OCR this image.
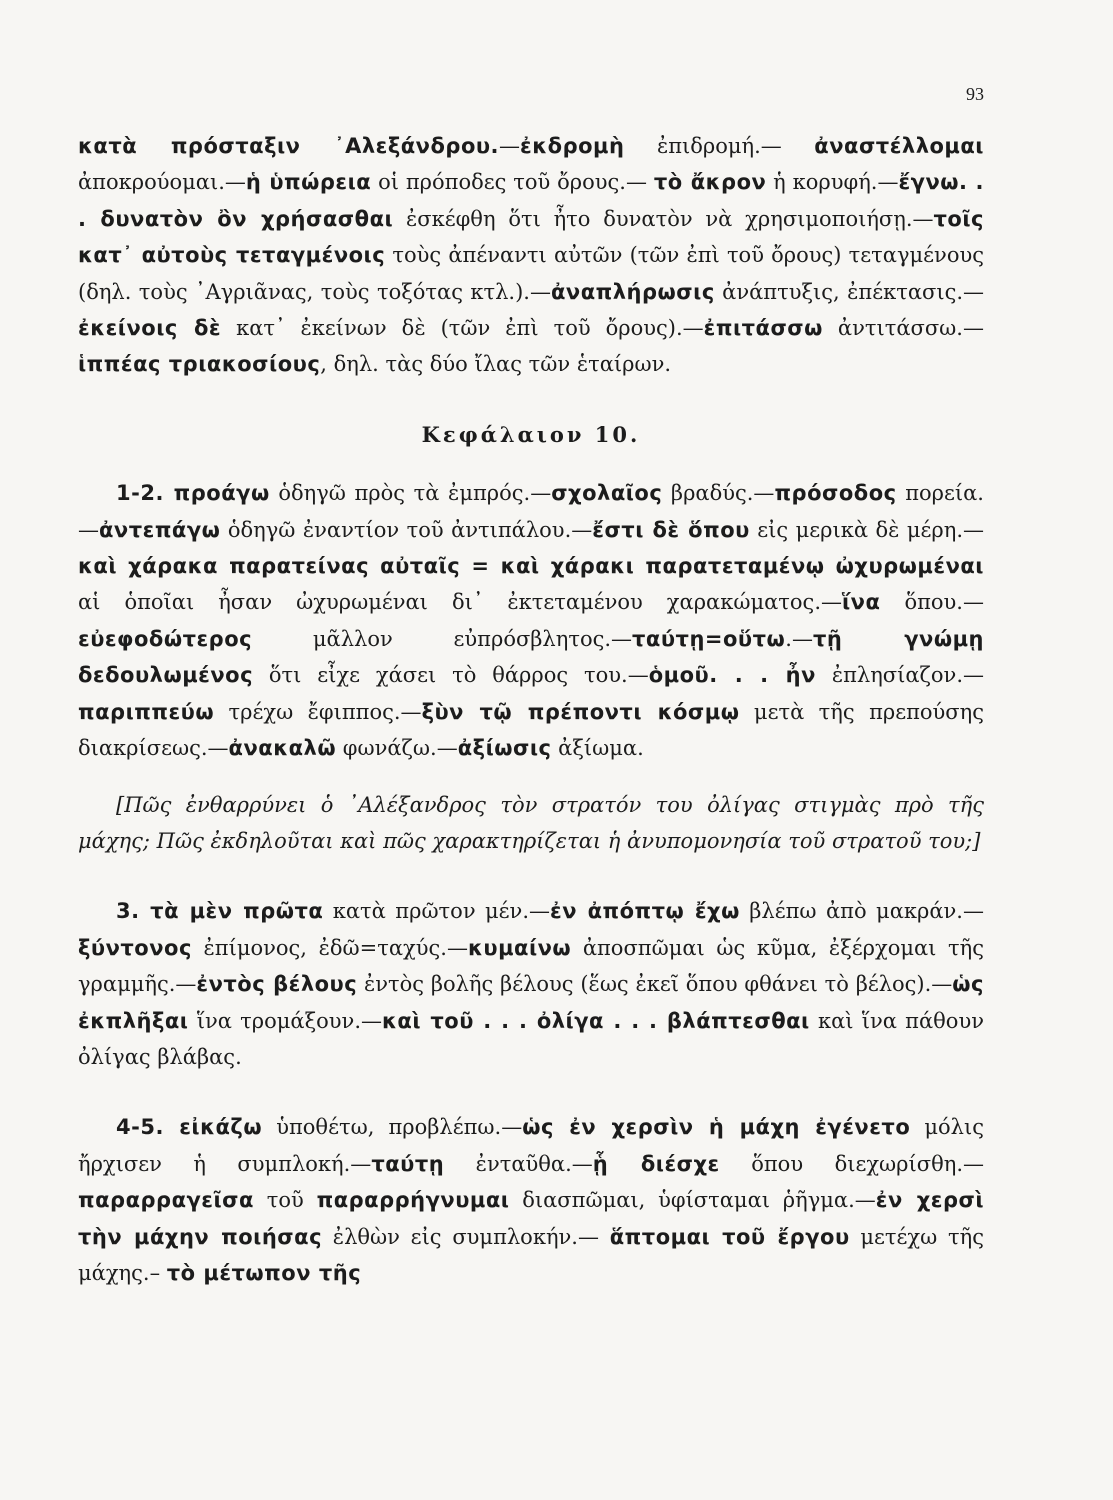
93

κατὰ πρόσταξιν ᾿Αλεξάνδρου.—ἐκδρομὴ ἐπιδρομή.— ἀναστέλλομαι ἀποκρούομαι.—ἡ ὑπώρεια οἱ πρόποδες τοῦ ὄρους.— τὸ ἄκρον ἡ κορυφή.—ἔγνω. . . δυνατὸν ὂν χρήσασθαι ἐσκέφθη ὅτι ἦτο δυνατὸν νὰ χρησιμοποιήσῃ.—τοῖς κατ᾿ αὐτοὺς τεταγμένοις τοὺς ἀπέναντι αὐτῶν (τῶν ἐπὶ τοῦ ὄρους) τεταγμένους (δηλ. τοὺς ᾿Αγριᾶνας, τοὺς τοξότας κτλ.).—ἀναπλήρωσις ἀνάπτυξις, ἐπέκτασις.—ἐκείνοις δὲ κατ᾿ ἐκείνων δὲ (τῶν ἐπὶ τοῦ ὄρους).—ἐπιτάσσω ἀντιτάσσω.—ἱππέας τριακοσίους, δηλ. τὰς δύο ἴλας τῶν ἑταίρων.

Κεφάλαιον 10.

1-2. προάγω ὁδηγῶ πρὸς τὰ ἐμπρός.—σχολαῖος βραδύς.—πρόσοδος πορεία.—ἀντεπάγω ὁδηγῶ ἐναντίον τοῦ ἀντιπάλου.—ἔστι δὲ ὅπου εἰς μερικὰ δὲ μέρη.—καὶ χάρακα παρατείνας αὐταῖς = καὶ χάρακι παρατεταμένῳ ὠχυρωμέναι αἱ ὁποῖαι ἦσαν ὠχυρωμέναι δι᾿ ἐκτεταμένου χαρακώματος.—ἵνα ὅπου.—εὐεφοδώτερος μᾶλλον εὐπρόσβλητος.—ταύτῃ=οὕτω.—τῇ γνώμῃ δεδουλωμένος ὅτι εἶχε χάσει τὸ θάρρος του.—ὁμοῦ. . . ἦν ἐπλησίαζον.—παριππεύω τρέχω ἔφιππος.—ξὺν τῷ πρέποντι κόσμῳ μετὰ τῆς πρεπούσης διακρίσεως.—ἀνακαλῶ φωνάζω.—ἀξίωσις ἀξίωμα.

[Πῶς ἐνθαρρύνει ὁ ᾿Αλέξανδρος τὸν στρατόν του ὀλίγας στιγμὰς πρὸ τῆς μάχης; Πῶς ἐκδηλοῦται καὶ πῶς χαρακτηρίζεται ἡ ἀνυπομονησία τοῦ στρατοῦ του;]

3. τὰ μὲν πρῶτα κατὰ πρῶτον μέν.—ἐν ἀπόπτῳ ἔχω βλέπω ἀπὸ μακράν.—ξύντονος ἐπίμονος, ἐδῶ=ταχύς.—κυμαίνω ἀποσπῶμαι ὡς κῦμα, ἐξέρχομαι τῆς γραμμῆς.—ἐντὸς βέλους ἐντὸς βολῆς βέλους (ἕως ἐκεῖ ὅπου φθάνει τὸ βέλος).—ὡς ἐκπλῆξαι ἵνα τρομάξουν.—καὶ τοῦ . . . ὀλίγα . . . βλάπτεσθαι καὶ ἵνα πάθουν ὀλίγας βλάβας.

4-5. εἰκάζω ὑποθέτω, προβλέπω.—ὡς ἐν χερσὶν ἡ μάχη ἐγένετο μόλις ἤρχισεν ἡ συμπλοκή.—ταύτῃ ἐνταῦθα.—ᾗ διέσχε ὅπου διεχωρίσθη.—παραρραγεῖσα τοῦ παραρρήγνυμαι διασπῶμαι, ὑφίσταμαι ῥῆγμα.—ἐν χερσὶ τὴν μάχην ποιήσας ἐλθὼν εἰς συμπλοκήν.— ἅπτομαι τοῦ ἔργου μετέχω τῆς μάχης.– τὸ μέτωπον τῆς
